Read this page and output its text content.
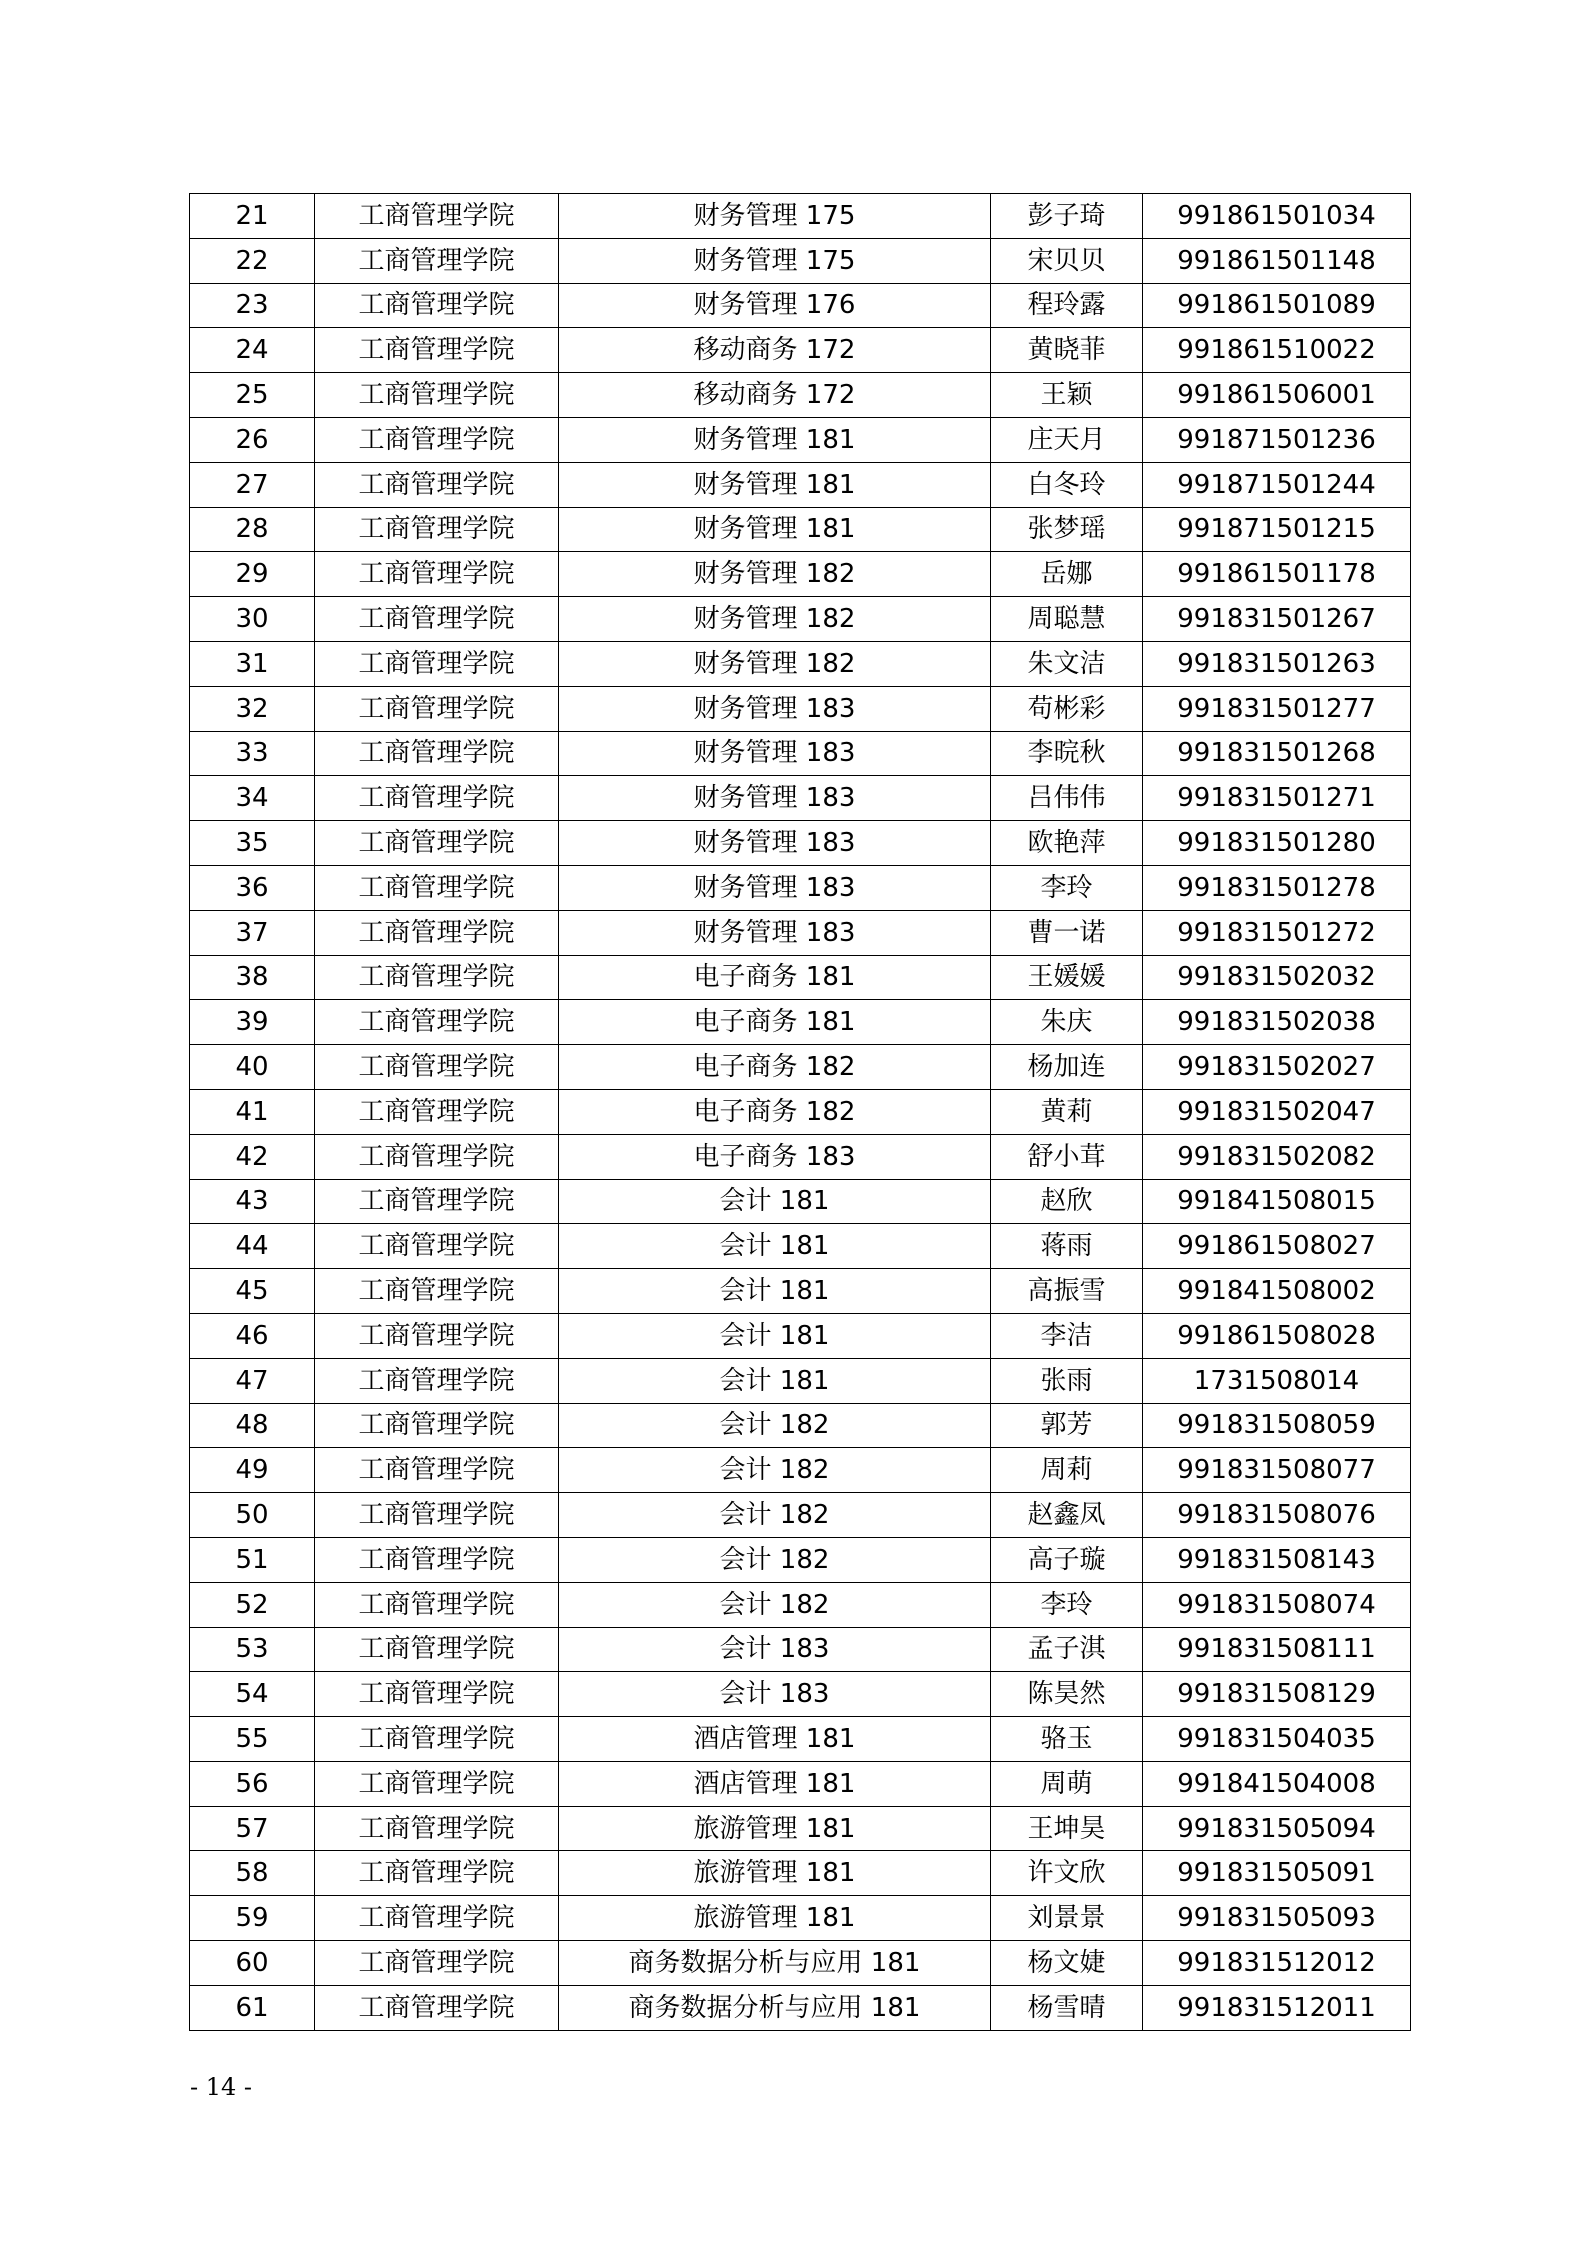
21	工商管理学院	财务管理 175	彭子琦	991861501034
22	工商管理学院	财务管理 175	宋贝贝	991861501148
23	工商管理学院	财务管理 176	程玲露	991861501089
24	工商管理学院	移动商务 172	黄晓菲	991861510022
25	工商管理学院	移动商务 172	王颖	991861506001
26	工商管理学院	财务管理 181	庄天月	991871501236
27	工商管理学院	财务管理 181	白冬玲	991871501244
28	工商管理学院	财务管理 181	张梦瑶	991871501215
29	工商管理学院	财务管理 182	岳娜	991861501178
30	工商管理学院	财务管理 182	周聪慧	991831501267
31	工商管理学院	财务管理 182	朱文洁	991831501263
32	工商管理学院	财务管理 183	苟彬彩	991831501277
33	工商管理学院	财务管理 183	李晥秋	991831501268
34	工商管理学院	财务管理 183	吕伟伟	991831501271
35	工商管理学院	财务管理 183	欧艳萍	991831501280
36	工商管理学院	财务管理 183	李玲	991831501278
37	工商管理学院	财务管理 183	曹一诺	991831501272
38	工商管理学院	电子商务 181	王媛媛	991831502032
39	工商管理学院	电子商务 181	朱庆	991831502038
40	工商管理学院	电子商务 182	杨加连	991831502027
41	工商管理学院	电子商务 182	黄莉	991831502047
42	工商管理学院	电子商务 183	舒小茸	991831502082
43	工商管理学院	会计 181	赵欣	991841508015
44	工商管理学院	会计 181	蒋雨	991861508027
45	工商管理学院	会计 181	高振雪	991841508002
46	工商管理学院	会计 181	李洁	991861508028
47	工商管理学院	会计 181	张雨	1731508014
48	工商管理学院	会计 182	郭芳	991831508059
49	工商管理学院	会计 182	周莉	991831508077
50	工商管理学院	会计 182	赵鑫凤	991831508076
51	工商管理学院	会计 182	高子璇	991831508143
52	工商管理学院	会计 182	李玲	991831508074
53	工商管理学院	会计 183	孟子淇	991831508111
54	工商管理学院	会计 183	陈昊然	991831508129
55	工商管理学院	酒店管理 181	骆玉	991831504035
56	工商管理学院	酒店管理 181	周萌	991841504008
57	工商管理学院	旅游管理 181	王坤昊	991831505094
58	工商管理学院	旅游管理 181	许文欣	991831505091
59	工商管理学院	旅游管理 181	刘景景	991831505093
60	工商管理学院	商务数据分析与应用 181	杨文婕	991831512012
61	工商管理学院	商务数据分析与应用 181	杨雪晴	991831512011
- 14 -
